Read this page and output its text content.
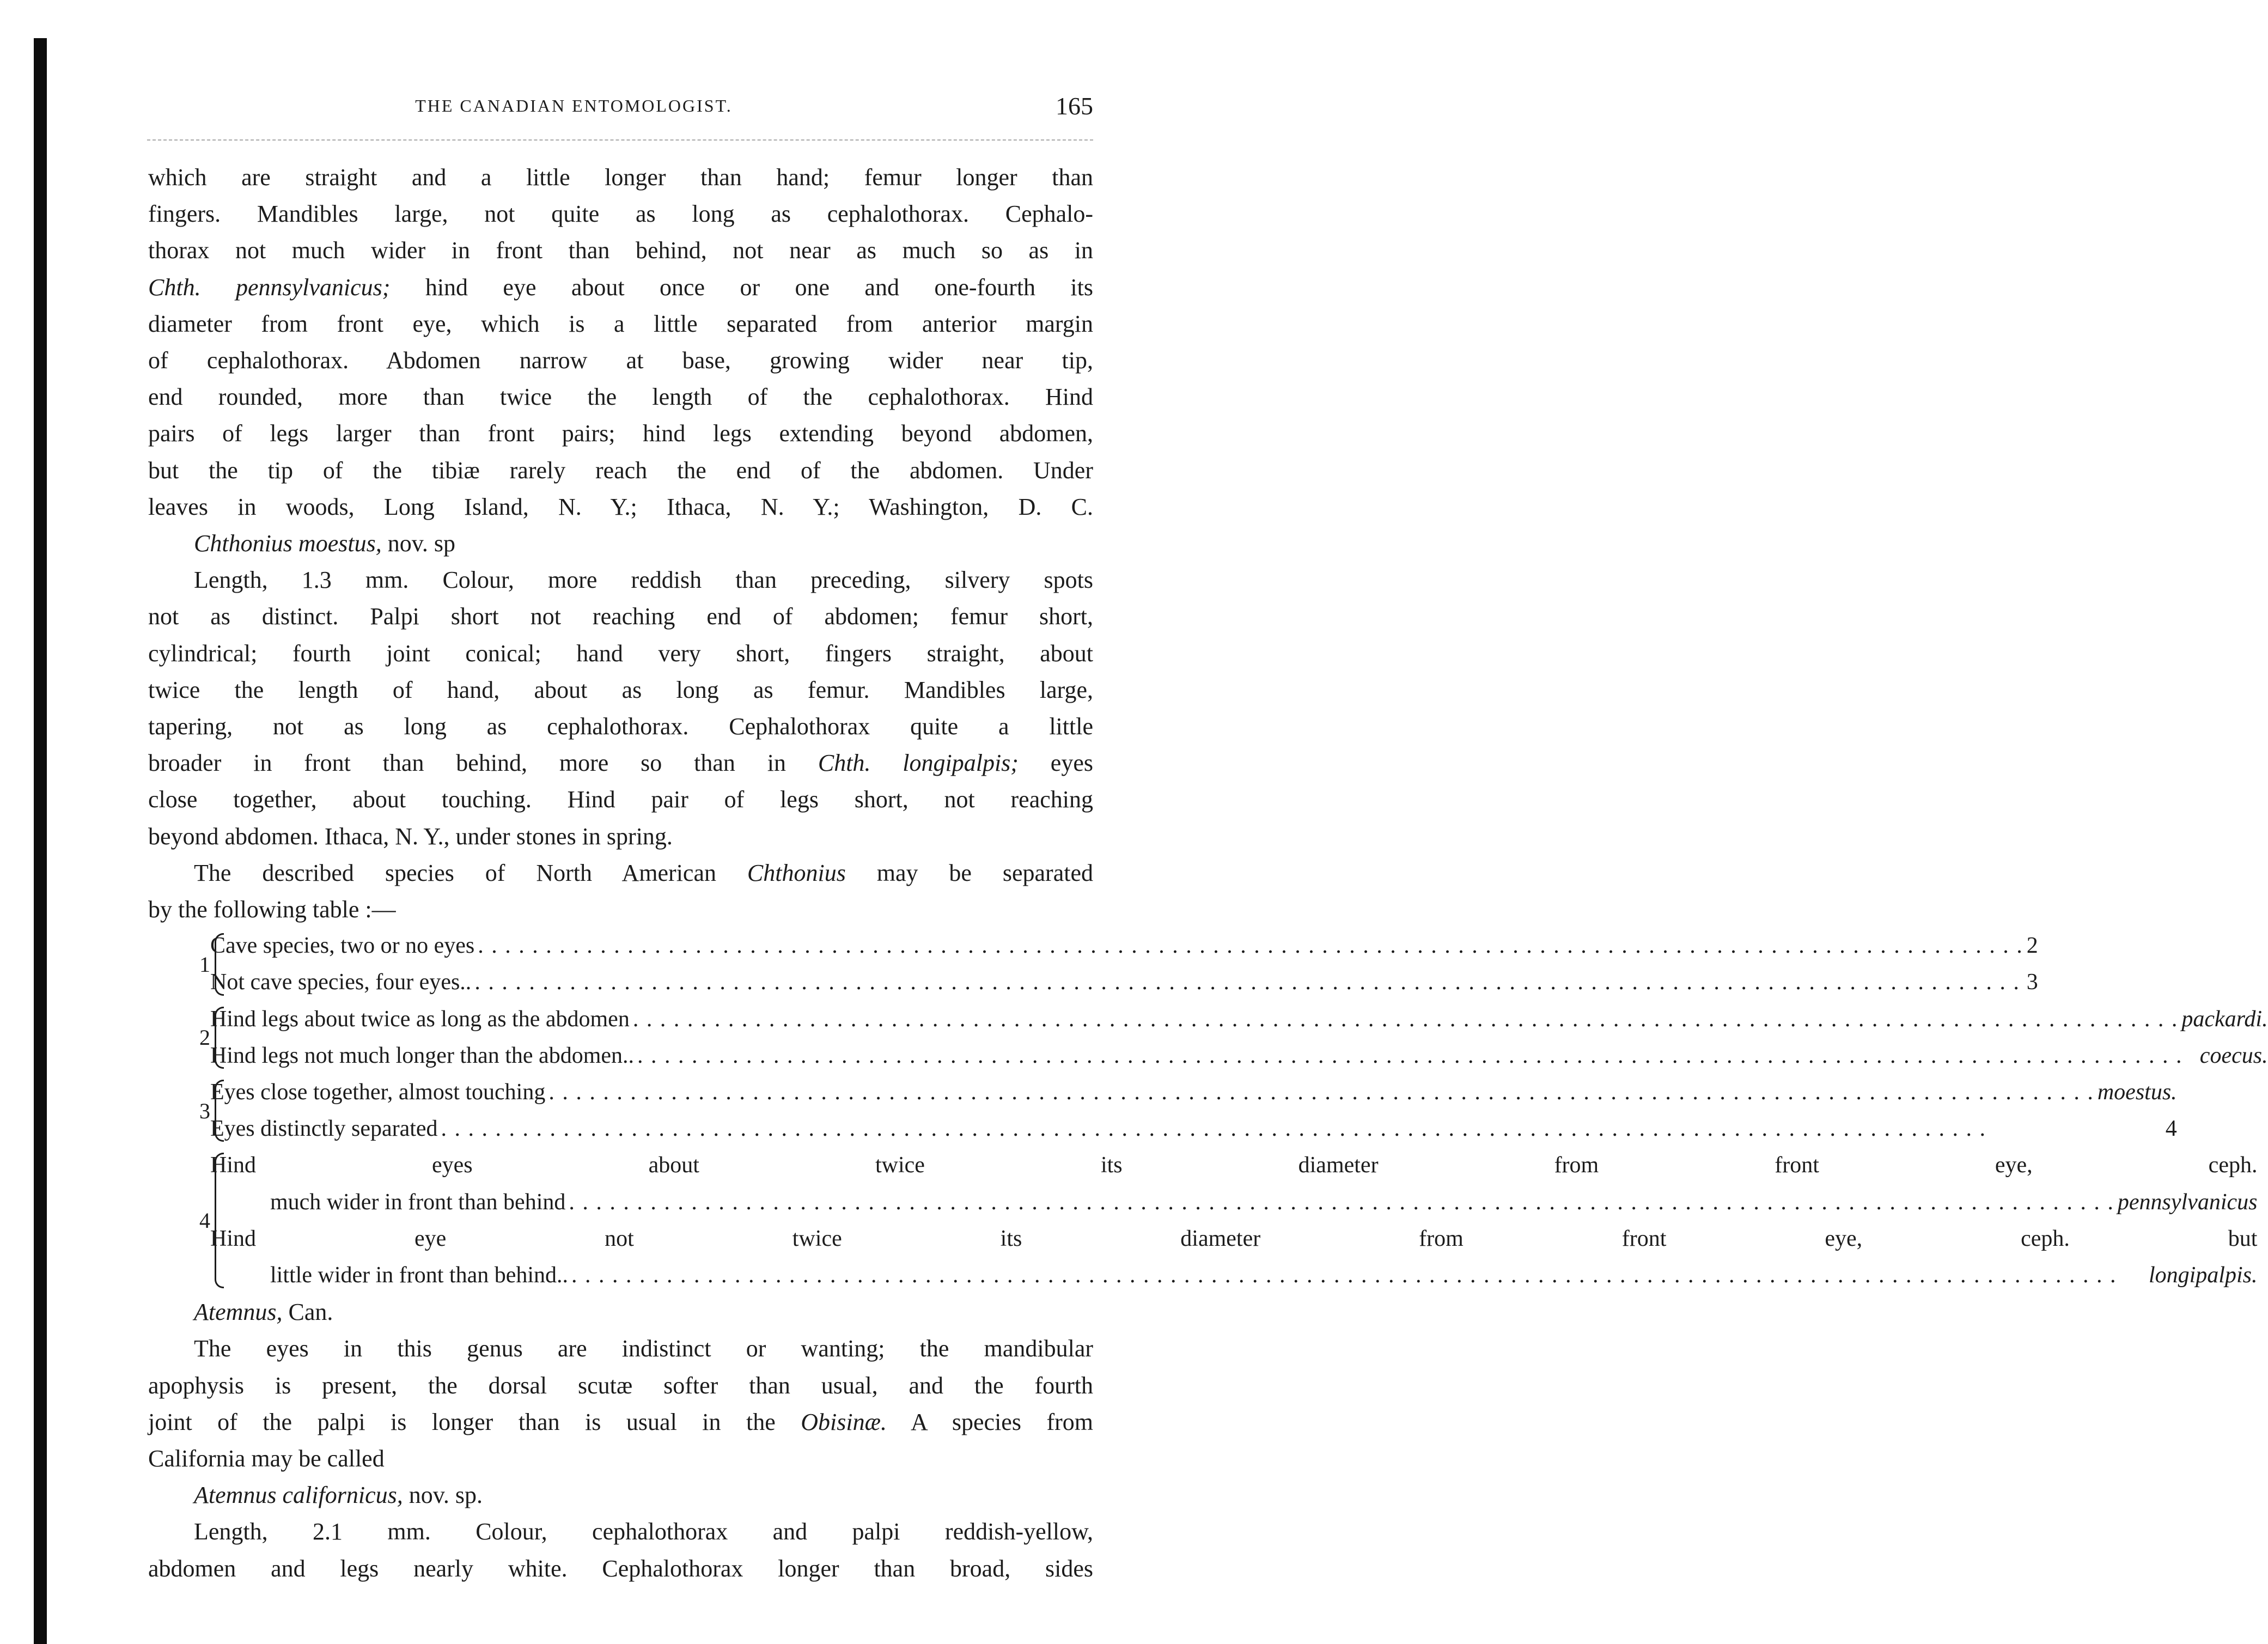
THE CANADIAN ENTOMOLOGIST.	165

which are straight and a little longer than hand; femur longer than

fingers. Mandibles large, not quite as long as cephalothorax. Cephalo-

thorax not much wider in front than behind, not near as much so as in

Chth. pennsylvanicus; hind eye about once or one and one-fourth its

diameter from front eye, which is a little separated from anterior margin

of cephalothorax. Abdomen narrow at base, growing wider near tip,

end rounded, more than twice the length of the cephalothorax. Hind

pairs of legs larger than front pairs; hind legs extending beyond abdomen,

but the tip of the tibiæ rarely reach the end of the abdomen. Under

leaves in woods, Long Island, N. Y.; Ithaca, N. Y.; Washington, D. C.

Chthonius moestus, nov. sp

Length, 1.3 mm. Colour, more reddish than preceding, silvery spots

not as distinct. Palpi short not reaching end of abdomen; femur short,

cylindrical; fourth joint conical; hand very short, fingers straight, about

twice the length of hand, about as long as femur. Mandibles large,

tapering, not as long as cephalothorax. Cephalothorax quite a little

broader in front than behind, more so than in Chth. longipalpis; eyes

close together, about touching. Hind pair of legs short, not reaching

beyond abdomen. Ithaca, N. Y., under stones in spring.

The described species of North American Chthonius may be separated

by the following table :—

1
Cave species, two or no eyes . . .	2
Not cave species, four eyes.. . . .	3
2
Hind legs about twice as long as the abdomen . . .	packardi.
Hind legs not much longer than the abdomen.. . . .	coecus.
3
Eyes close together, almost touching . . .	moestus.
Eyes distinctly separated . . .	4
4
Hind eyes about twice its diameter from front eye, ceph.
much wider in front than behind . . .	pennsylvanicus
Hind eye not twice its diameter from front eye, ceph. but
little wider in front than behind.. . . .	longipalpis.

Atemnus, Can.

The eyes in this genus are indistinct or wanting; the mandibular

apophysis is present, the dorsal scutæ softer than usual, and the fourth

joint of the palpi is longer than is usual in the Obisinæ. A species from

California may be called

Atemnus californicus, nov. sp.

Length, 2.1 mm. Colour, cephalothorax and palpi reddish-yellow,

abdomen and legs nearly white. Cephalothorax longer than broad, sides
